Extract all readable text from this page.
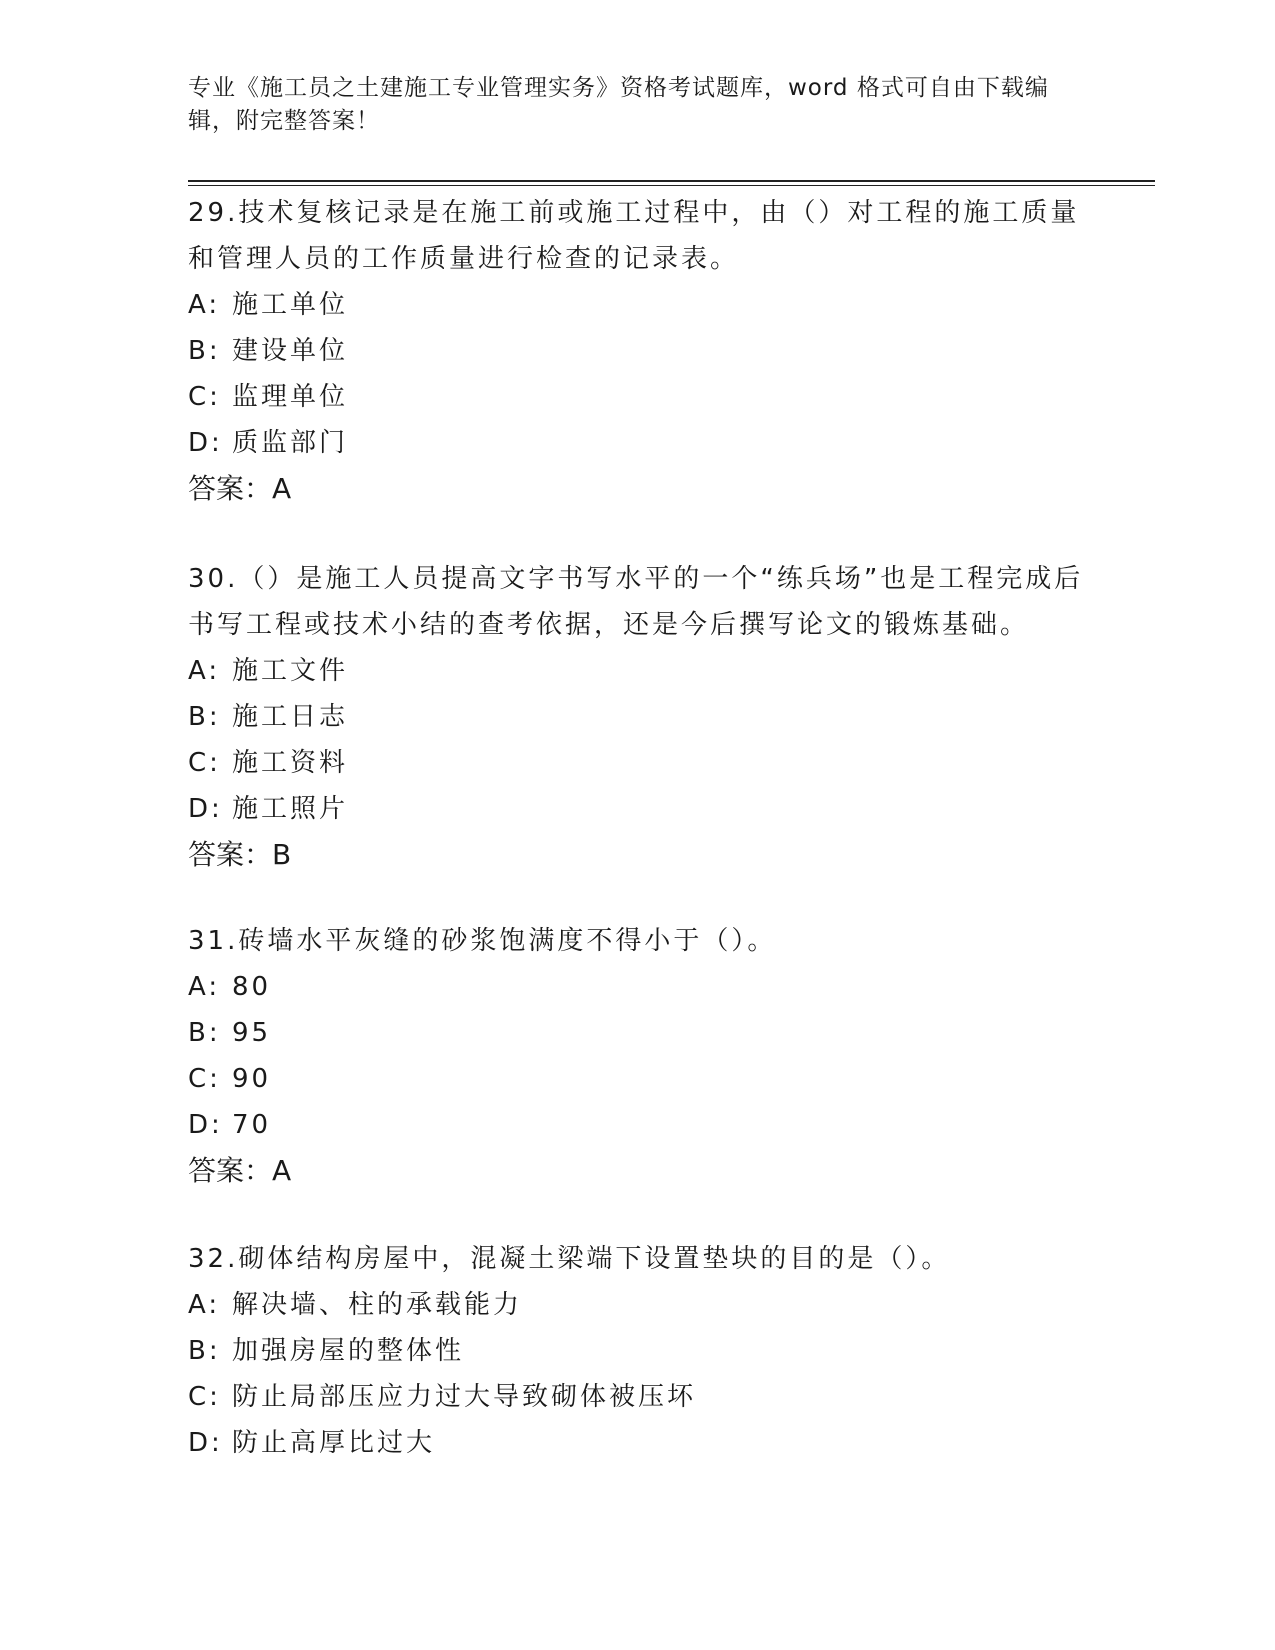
专业《施工员之土建施工专业管理实务》资格考试题库，word 格式可自由下载编辑，附完整答案！

29.技术复核记录是在施工前或施工过程中，由（）对工程的施工质量和管理人员的工作质量进行检查的记录表。

A: 施工单位

B: 建设单位

C: 监理单位

D: 质监部门

答案：A

30.（）是施工人员提高文字书写水平的一个“练兵场”也是工程完成后书写工程或技术小结的查考依据，还是今后撰写论文的锻炼基础。

A: 施工文件

B: 施工日志

C: 施工资料

D: 施工照片

答案：B

31.砖墙水平灰缝的砂浆饱满度不得小于（）。

A: 80

B: 95

C: 90

D: 70

答案：A

32.砌体结构房屋中，混凝土梁端下设置垫块的目的是（）。

A: 解决墙、柱的承载能力

B: 加强房屋的整体性

C: 防止局部压应力过大导致砌体被压坏

D: 防止高厚比过大
